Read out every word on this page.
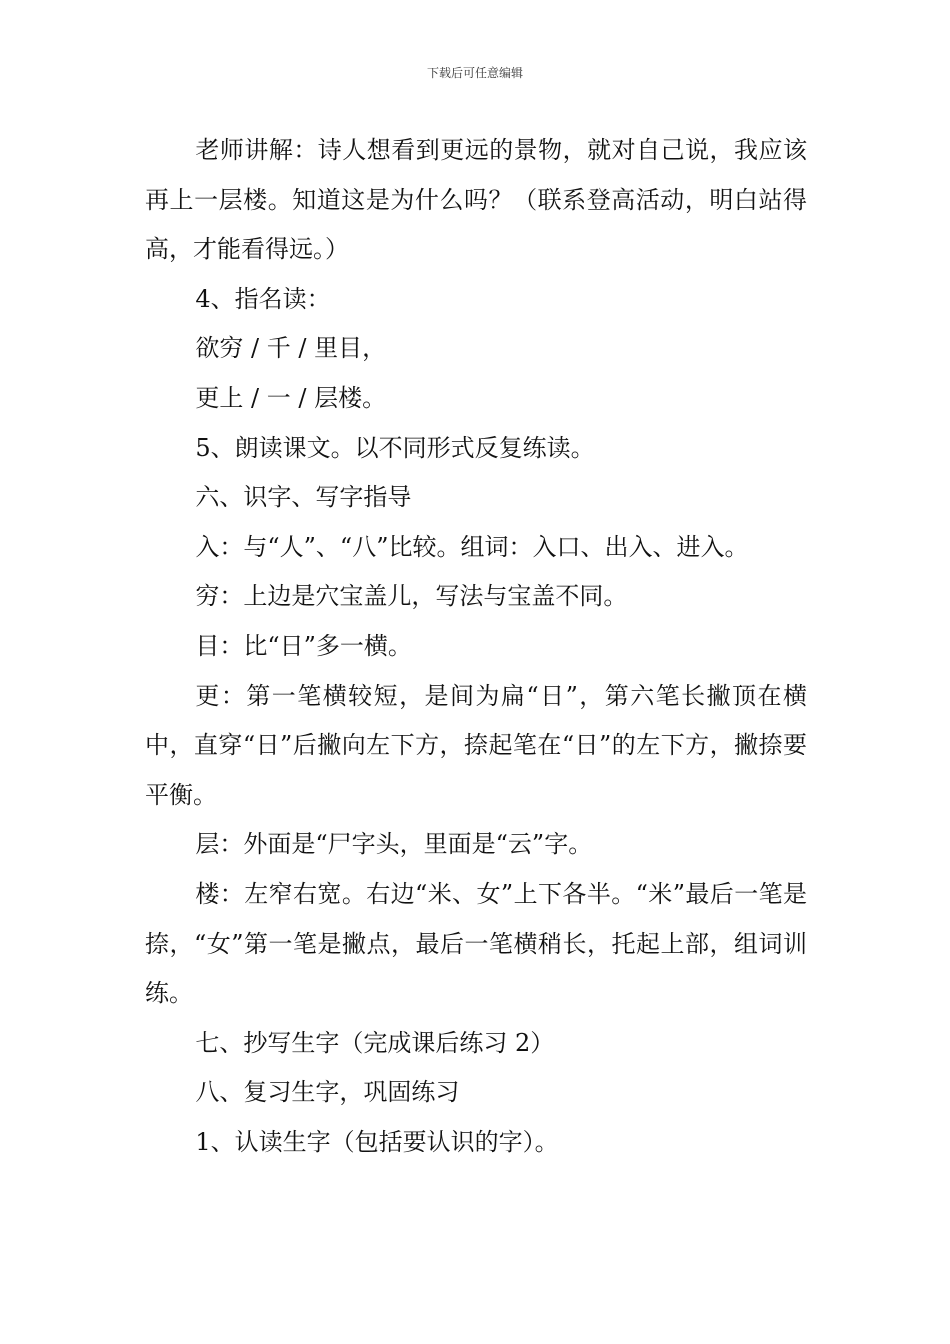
下载后可任意编辑

老师讲解：诗人想看到更远的景物，就对自己说，我应该再上一层楼。知道这是为什么吗？（联系登高活动，明白站得高，才能看得远。）

4、指名读：

欲穷 / 千 / 里目，

更上 / 一 / 层楼。

5、朗读课文。以不同形式反复练读。

六、识字、写字指导

入：与“人”、“八”比较。组词：入口、出入、进入。

穷：上边是穴宝盖儿，写法与宝盖不同。

目：比“日”多一横。

更：第一笔横较短，是间为扁“日”，第六笔长撇顶在横中，直穿“日”后撇向左下方，捺起笔在“日”的左下方，撇捺要平衡。

层：外面是“尸字头，里面是“云”字。

楼：左窄右宽。右边“米、女”上下各半。“米”最后一笔是捺，“女”第一笔是撇点，最后一笔横稍长，托起上部，组词训练。

七、抄写生字（完成课后练习 2）

八、复习生字，巩固练习

1、认读生字（包括要认识的字）。
